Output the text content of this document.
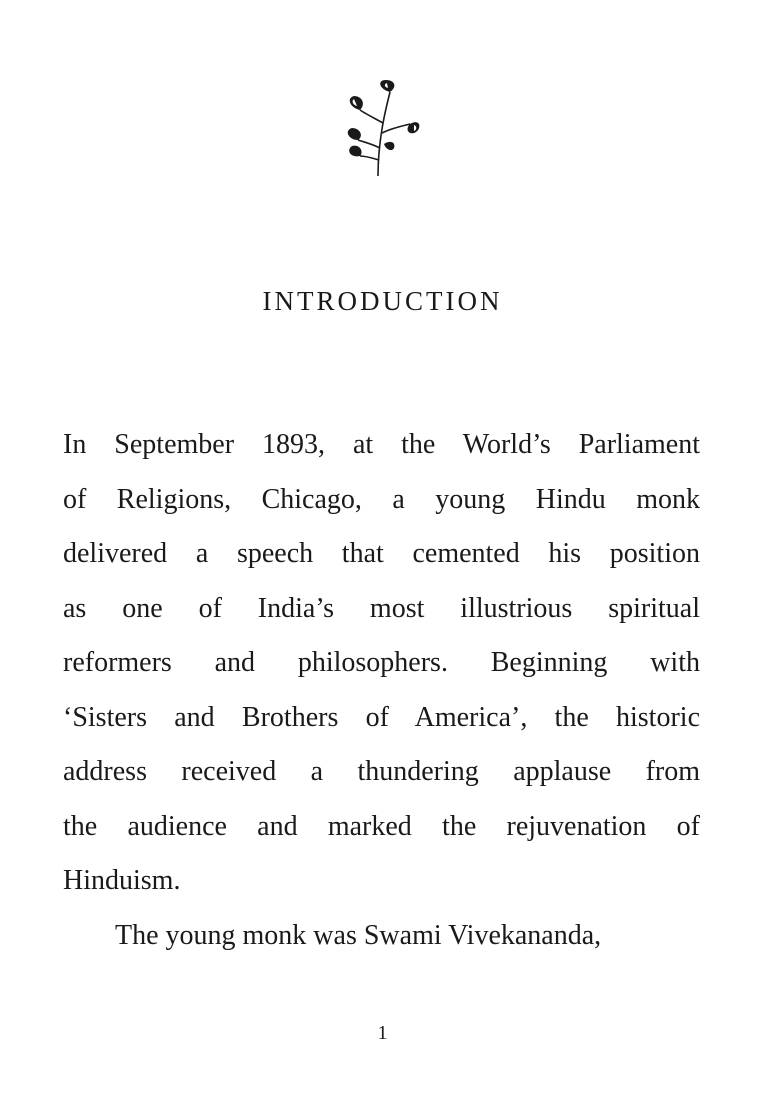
INTRODUCTION
In September 1893, at the World’s Parliament
of Religions, Chicago, a young Hindu monk
delivered a speech that cemented his position
as one of India’s most illustrious spiritual
reformers and philosophers. Beginning with
‘Sisters and Brothers of America’, the historic
address received a thundering applause from
the audience and marked the rejuvenation of
Hinduism.
The young monk was Swami Vivekananda,
1
